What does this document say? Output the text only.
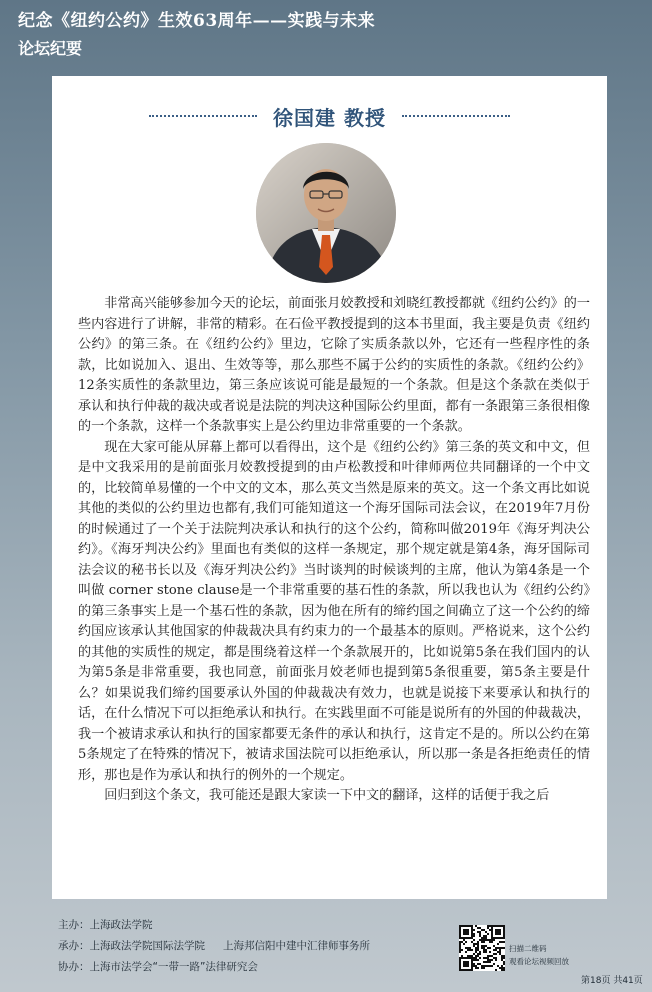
纪念《纽约公约》生效63周年——实践与未来
论坛纪要
徐国建 教授

非常高兴能够参加今天的论坛，前面张月姣教授和刘晓红教授都就《纽约公约》的一些内容进行了讲解，非常的精彩。在石俭平教授提到的这本书里面，我主要是负责《纽约公约》的第三条。在《纽约公约》里边，它除了实质条款以外，它还有一些程序性的条款，比如说加入、退出、生效等等，那么那些不属于公约的实质性的条款。《纽约公约》12条实质性的条款里边，第三条应该说可能是最短的一个条款。但是这个条款在类似于承认和执行仲裁的裁决或者说是法院的判决这种国际公约里面，都有一条跟第三条很相像的一个条款，这样一个条款事实上是公约里边非常重要的一个条款。

现在大家可能从屏幕上都可以看得出，这个是《纽约公约》第三条的英文和中文，但是中文我采用的是前面张月姣教授提到的由卢松教授和叶律师两位共同翻译的一个中文的，比较简单易懂的一个中文的文本，那么英文当然是原来的英文。这一个条文再比如说其他的类似的公约里边也都有,我们可能知道这一个海牙国际司法会议，在2019年7月份的时候通过了一个关于法院判决承认和执行的这个公约，简称叫做2019年《海牙判决公约》。《海牙判决公约》里面也有类似的这样一条规定，那个规定就是第4条，海牙国际司法会议的秘书长以及《海牙判决公约》当时谈判的时候谈判的主席，他认为第4条是一个叫做 corner stone clause是一个非常重要的基石性的条款，所以我也认为《纽约公约》的第三条事实上是一个基石性的条款，因为他在所有的缔约国之间确立了这一个公约的缔约国应该承认其他国家的仲裁裁决具有约束力的一个最基本的原则。严格说来，这个公约的其他的实质性的规定，都是围绕着这样一个条款展开的，比如说第5条在我们国内的认为第5条是非常重要，我也同意，前面张月姣老师也提到第5条很重要，第5条主要是什么？如果说我们缔约国要承认外国的仲裁裁决有效力，也就是说接下来要承认和执行的话，在什么情况下可以拒绝承认和执行。在实践里面不可能是说所有的外国的仲裁裁决，我一个被请求承认和执行的国家都要无条件的承认和执行，这肯定不是的。所以公约在第5条规定了在特殊的情况下，被请求国法院可以拒绝承认，所以那一条是各拒绝责任的情形，那也是作为承认和执行的例外的一个规定。

回归到这个条文，我可能还是跟大家读一下中文的翻译，这样的话便于我之后

主办：上海政法学院
承办：上海政法学院国际法学院 上海邦信阳中建中汇律师事务所
协办：上海市法学会“一带一路”法律研究会
扫描二维码
观看论坛视频回放
第18页 共41页
